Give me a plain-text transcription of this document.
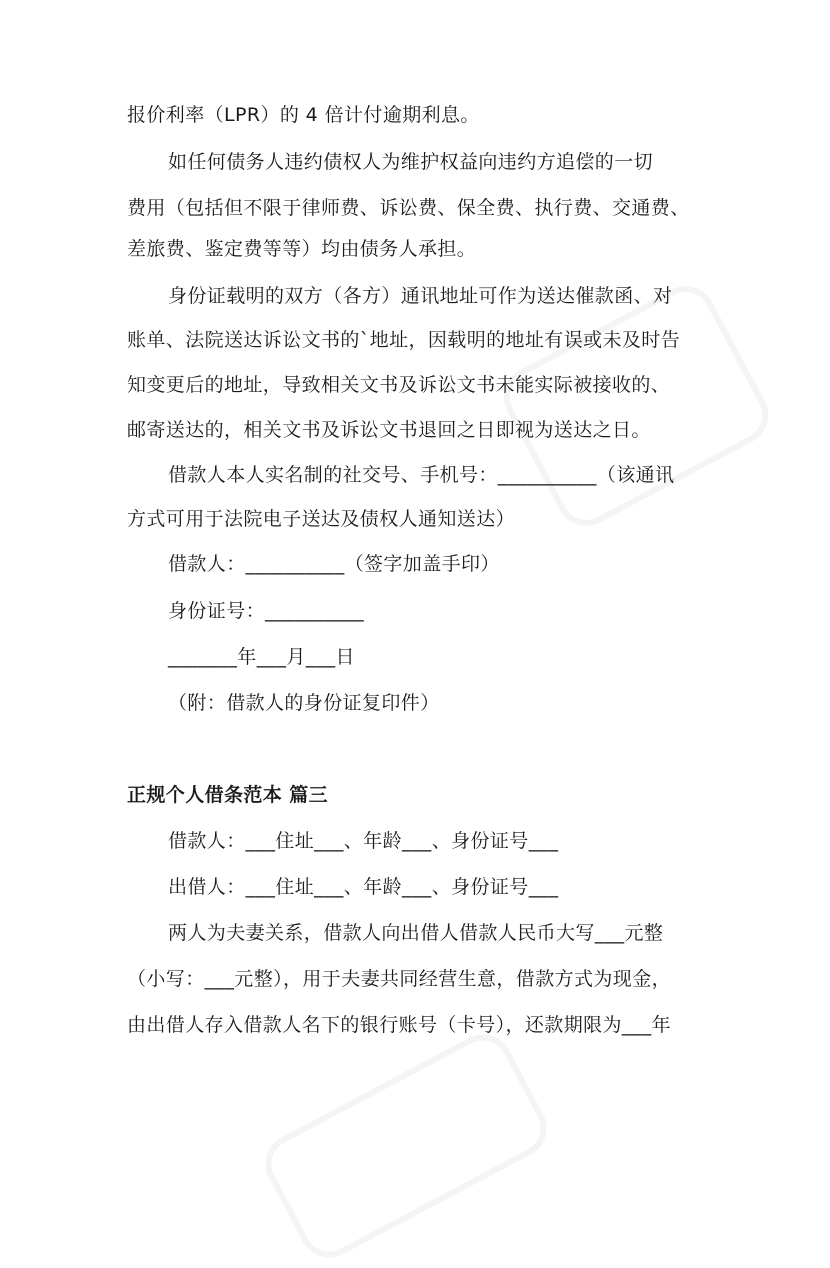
报价利率（LPR）的 4 倍计付逾期利息。
如任何债务人违约债权人为维护权益向违约方追偿的一切
费用（包括但不限于律师费、诉讼费、保全费、执行费、交通费、
差旅费、鉴定费等等）均由债务人承担。
身份证载明的双方（各方）通讯地址可作为送达催款函、对
账单、法院送达诉讼文书的`地址，因载明的地址有误或未及时告
知变更后的地址，导致相关文书及诉讼文书未能实际被接收的、
邮寄送达的，相关文书及诉讼文书退回之日即视为送达之日。
借款人本人实名制的社交号、手机号：__________（该通讯
方式可用于法院电子送达及债权人通知送达）
借款人：__________（签字加盖手印）
身份证号：__________
_______年___月___日
（附：借款人的身份证复印件）
正规个人借条范本 篇三
借款人：___住址___、年龄___、身份证号___
出借人：___住址___、年龄___、身份证号___
两人为夫妻关系，借款人向出借人借款人民币大写___元整
（小写：___元整），用于夫妻共同经营生意，借款方式为现金，
由出借人存入借款人名下的银行账号（卡号），还款期限为___年
